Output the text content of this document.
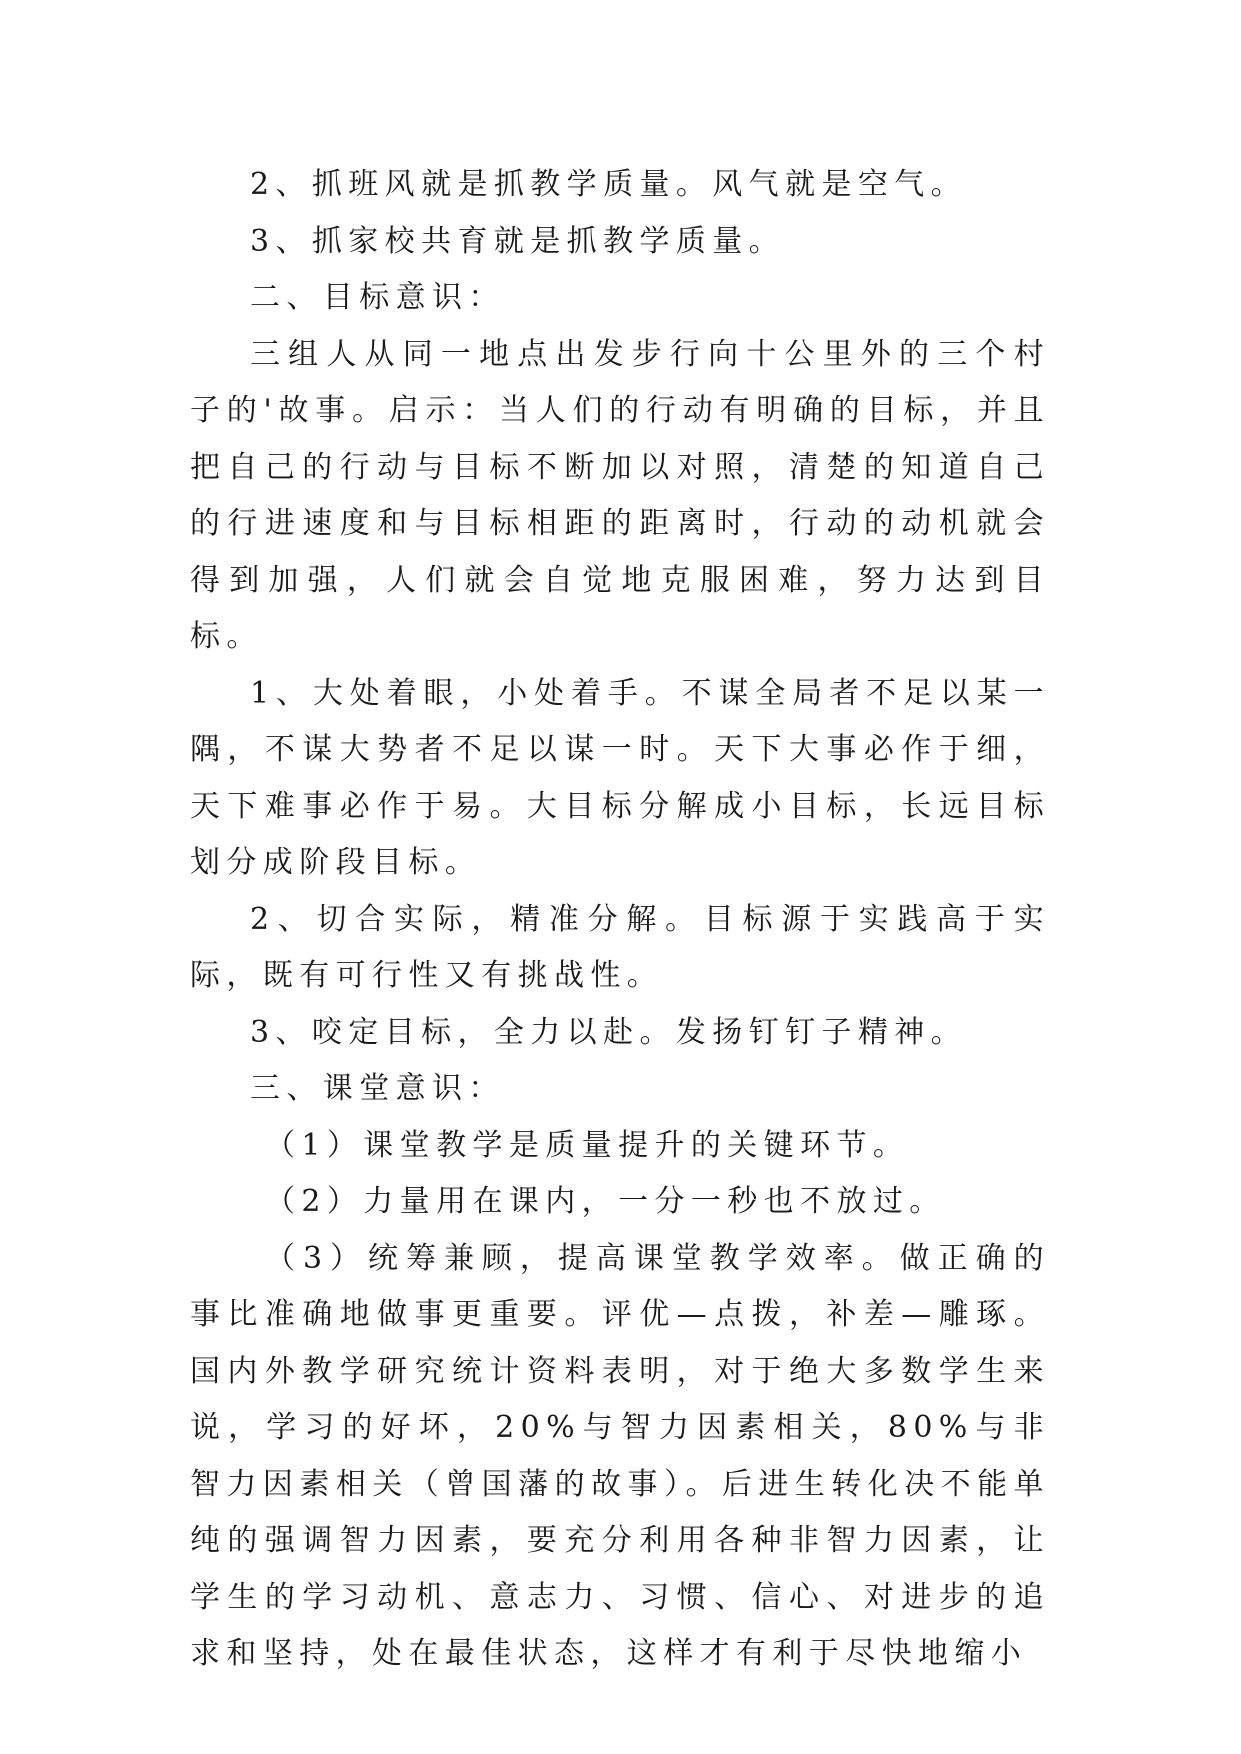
2、抓班风就是抓教学质量。风气就是空气。

3、抓家校共育就是抓教学质量。

二、目标意识：

三组人从同一地点出发步行向十公里外的三个村子的'故事。启示：当人们的行动有明确的目标，并且把自己的行动与目标不断加以对照，清楚的知道自己的行进速度和与目标相距的距离时，行动的动机就会得到加强，人们就会自觉地克服困难，努力达到目标。

1、大处着眼，小处着手。不谋全局者不足以某一隅，不谋大势者不足以谋一时。天下大事必作于细，天下难事必作于易。大目标分解成小目标，长远目标划分成阶段目标。

2、切合实际，精准分解。目标源于实践高于实际，既有可行性又有挑战性。

3、咬定目标，全力以赴。发扬钉钉子精神。

三、课堂意识：

（1）课堂教学是质量提升的关键环节。

（2）力量用在课内，一分一秒也不放过。

（3）统筹兼顾，提高课堂教学效率。做正确的事比准确地做事更重要。评优—点拨，补差—雕琢。国内外教学研究统计资料表明，对于绝大多数学生来说，学习的好坏，20%与智力因素相关，80%与非智力因素相关（曾国藩的故事）。后进生转化决不能单纯的强调智力因素，要充分利用各种非智力因素，让学生的学习动机、意志力、习惯、信心、对进步的追求和坚持，处在最佳状态，这样才有利于尽快地缩小
